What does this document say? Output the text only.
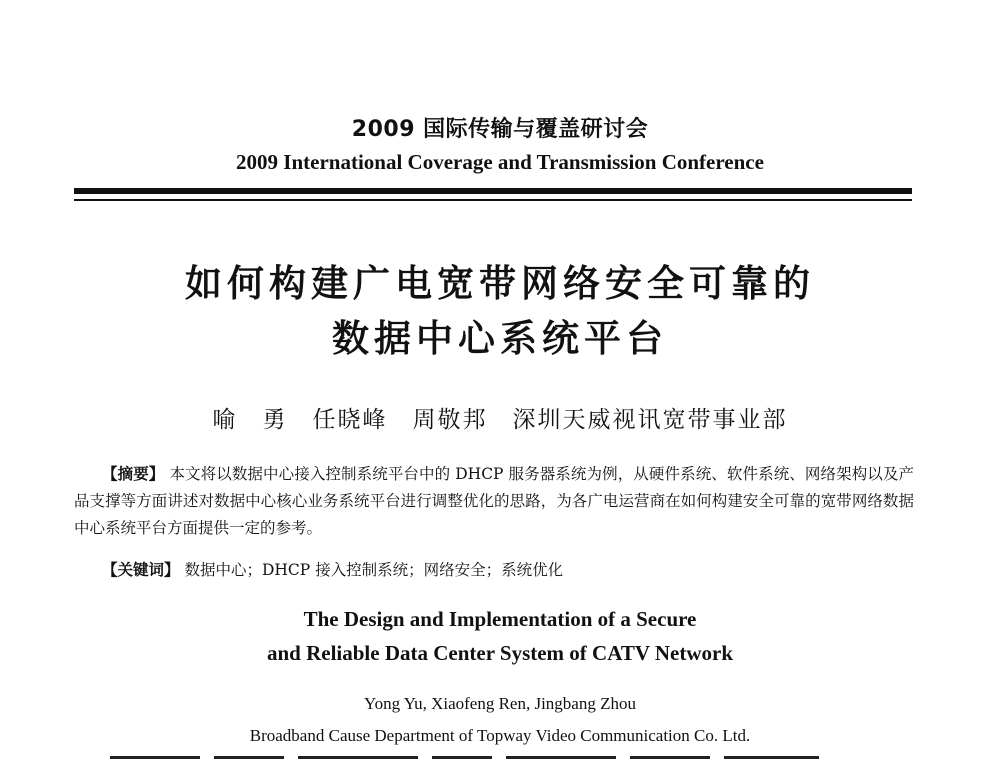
2009 国际传输与覆盖研讨会
2009 International Coverage and Transmission Conference
如何构建广电宽带网络安全可靠的
数据中心系统平台
喻　勇　任晓峰　周敬邦　深圳天威视讯宽带事业部

【摘要】 本文将以数据中心接入控制系统平台中的 DHCP 服务器系统为例，从硬件系统、软件系统、网络架构以及产品支撑等方面讲述对数据中心核心业务系统平台进行调整优化的思路，为各广电运营商在如何构建安全可靠的宽带网络数据中心系统平台方面提供一定的参考。

【关键词】 数据中心；DHCP 接入控制系统；网络安全；系统优化
The Design and Implementation of a Secure
and Reliable Data Center System of CATV Network
Yong Yu, Xiaofeng Ren, Jingbang Zhou
Broadband Cause Department of Topway Video Communication Co. Ltd.
